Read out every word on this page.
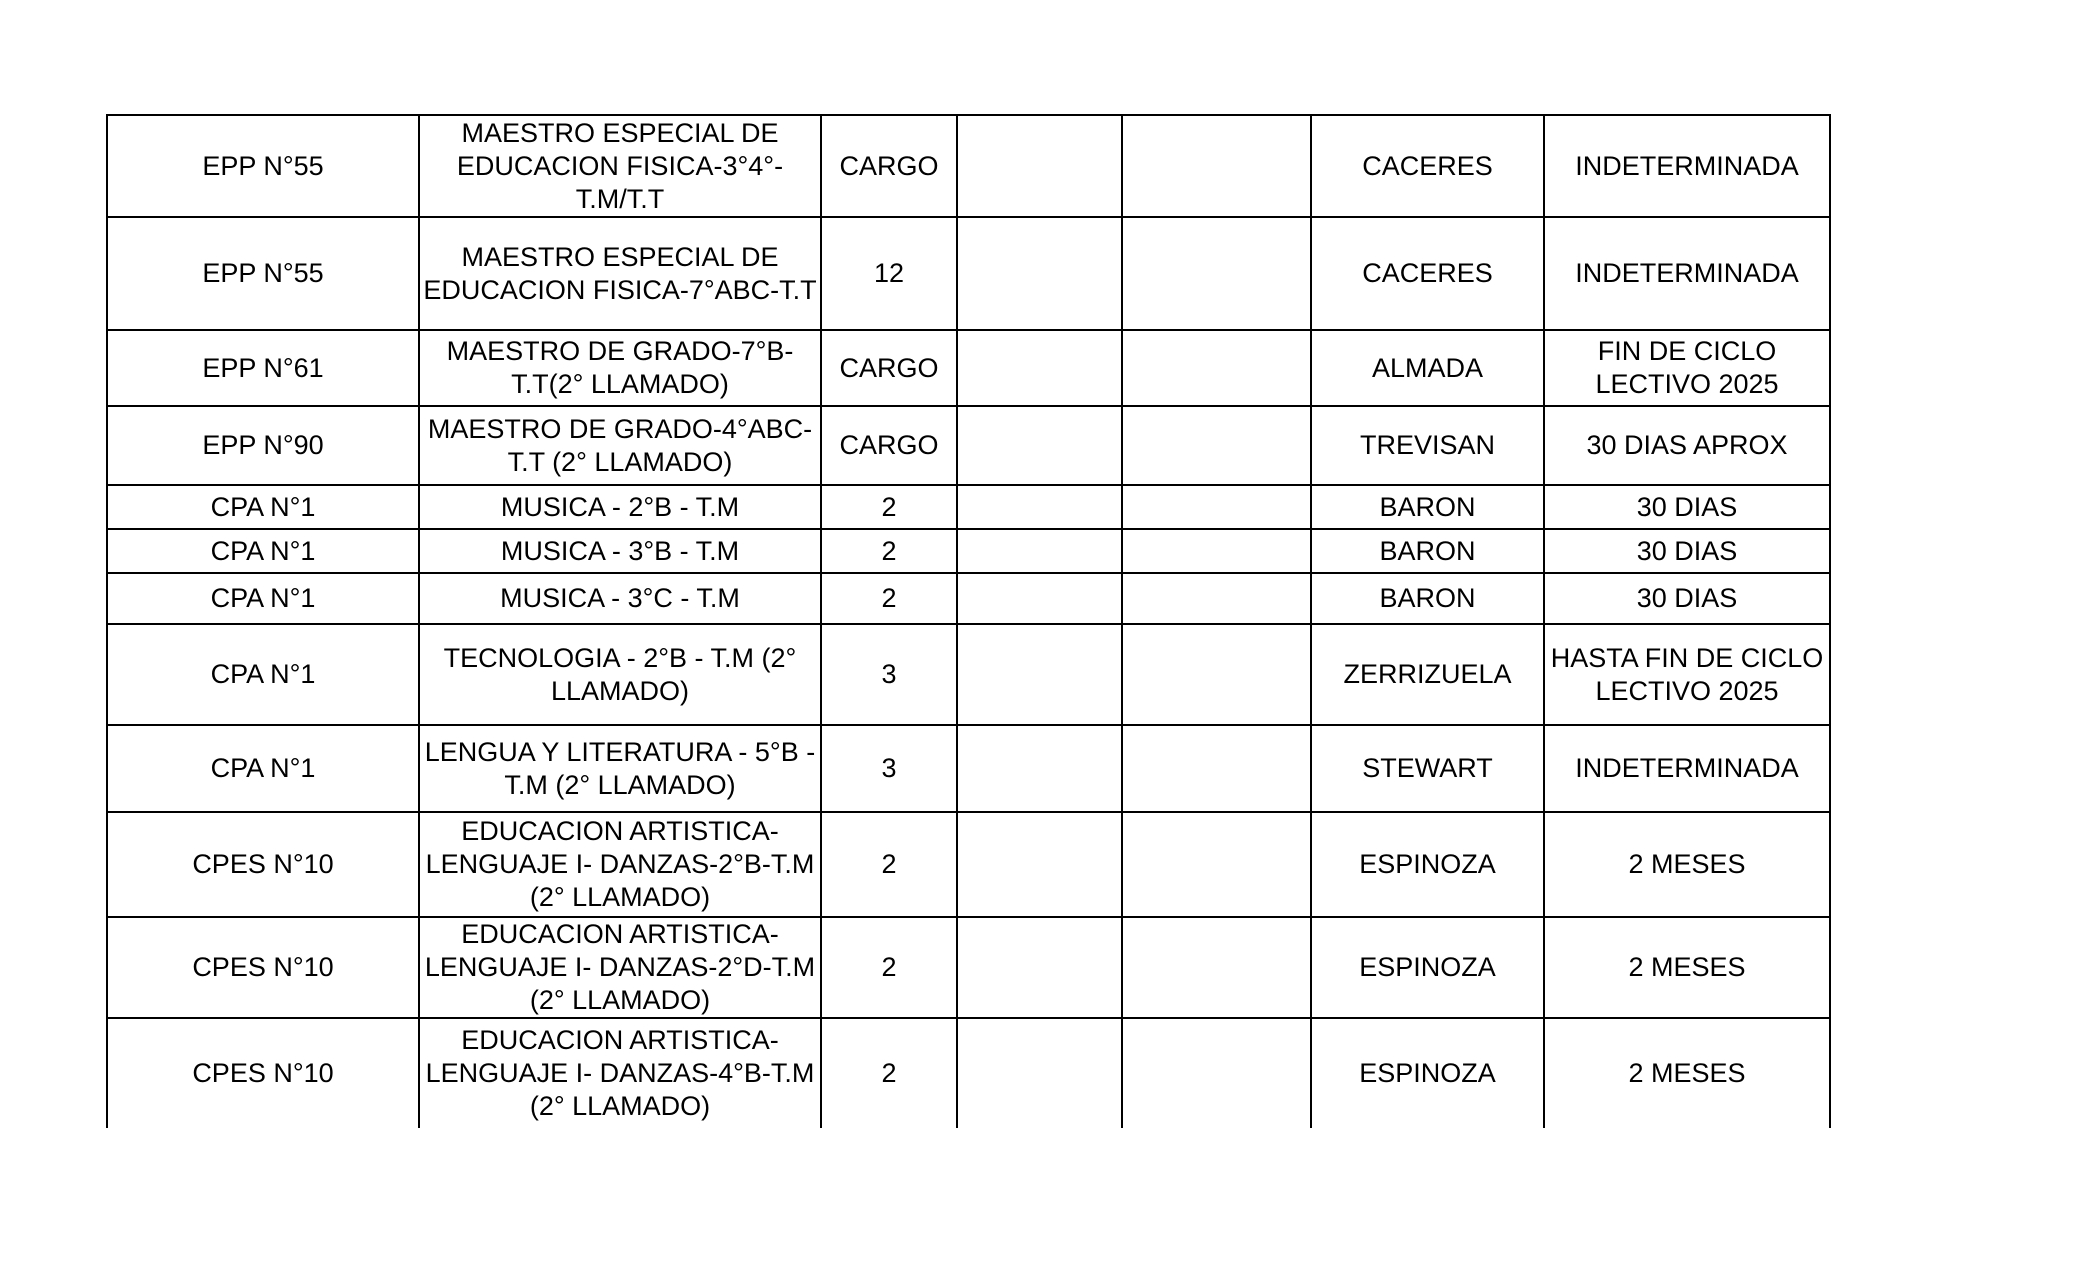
EPP N°55	MAESTRO ESPECIAL DE EDUCACION FISICA-3°4°-T.M/T.T	CARGO			CACERES	INDETERMINADA
EPP N°55	MAESTRO ESPECIAL DE EDUCACION FISICA-7°ABC-T.T	12			CACERES	INDETERMINADA
EPP N°61	MAESTRO DE GRADO-7°B-T.T(2° LLAMADO)	CARGO			ALMADA	FIN DE CICLO LECTIVO 2025
EPP N°90	MAESTRO DE GRADO-4°ABC-T.T (2° LLAMADO)	CARGO			TREVISAN	30 DIAS APROX
CPA N°1	MUSICA - 2°B - T.M	2			BARON	30 DIAS
CPA N°1	MUSICA - 3°B - T.M	2			BARON	30 DIAS
CPA N°1	MUSICA - 3°C - T.M	2			BARON	30 DIAS
CPA N°1	TECNOLOGIA - 2°B - T.M (2° LLAMADO)	3			ZERRIZUELA	HASTA FIN DE CICLO LECTIVO 2025
CPA N°1	LENGUA Y LITERATURA - 5°B - T.M (2° LLAMADO)	3			STEWART	INDETERMINADA
CPES N°10	EDUCACION ARTISTICA-LENGUAJE I- DANZAS-2°B-T.M (2° LLAMADO)	2			ESPINOZA	2 MESES
CPES N°10	EDUCACION ARTISTICA-LENGUAJE I- DANZAS-2°D-T.M (2° LLAMADO)	2			ESPINOZA	2 MESES
CPES N°10	EDUCACION ARTISTICA-LENGUAJE I- DANZAS-4°B-T.M (2° LLAMADO)	2			ESPINOZA	2 MESES
